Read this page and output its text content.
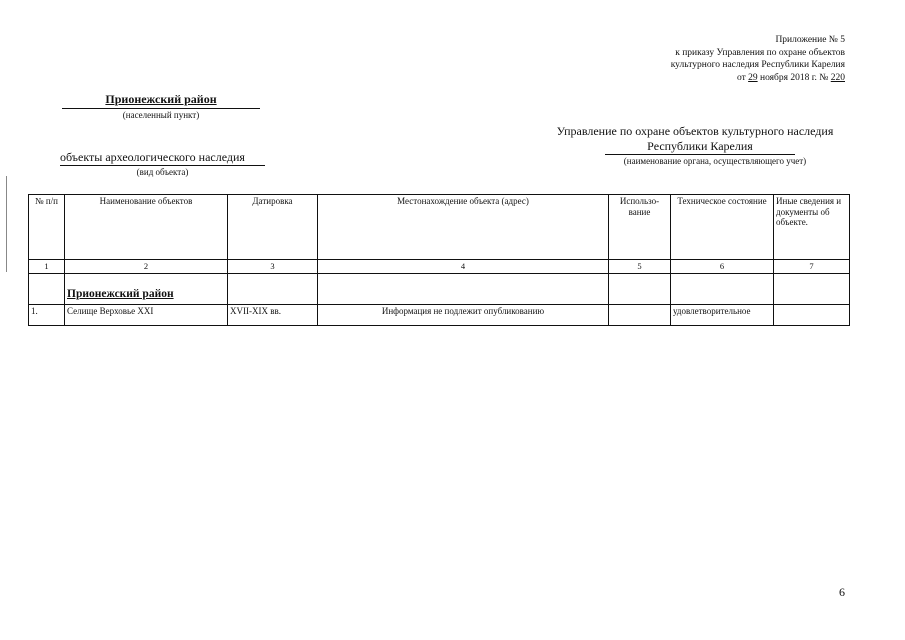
Приложение № 5
к приказу Управления по охране объектов
культурного наследия Республики Карелия
от 29 ноября 2018 г. № 220
Прионежский район
(населенный пункт)
Управление по охране объектов культурного наследия
Республики Карелия
(наименование органа, осуществляющего учет)
объекты археологического наследия
(вид объекта)
№ п/п	Наименование объектов	Датировка	Местонахождение объекта (адрес)	Использо-вание	Техническое состояние	Иные сведения и документы об объекте.
1	2	3	4	5	6	7

	Прионежский район					

1.	Селище Верховье XXI	XVII-XIX вв.	Информация не подлежит опубликованию		удовлетворительное	
6
